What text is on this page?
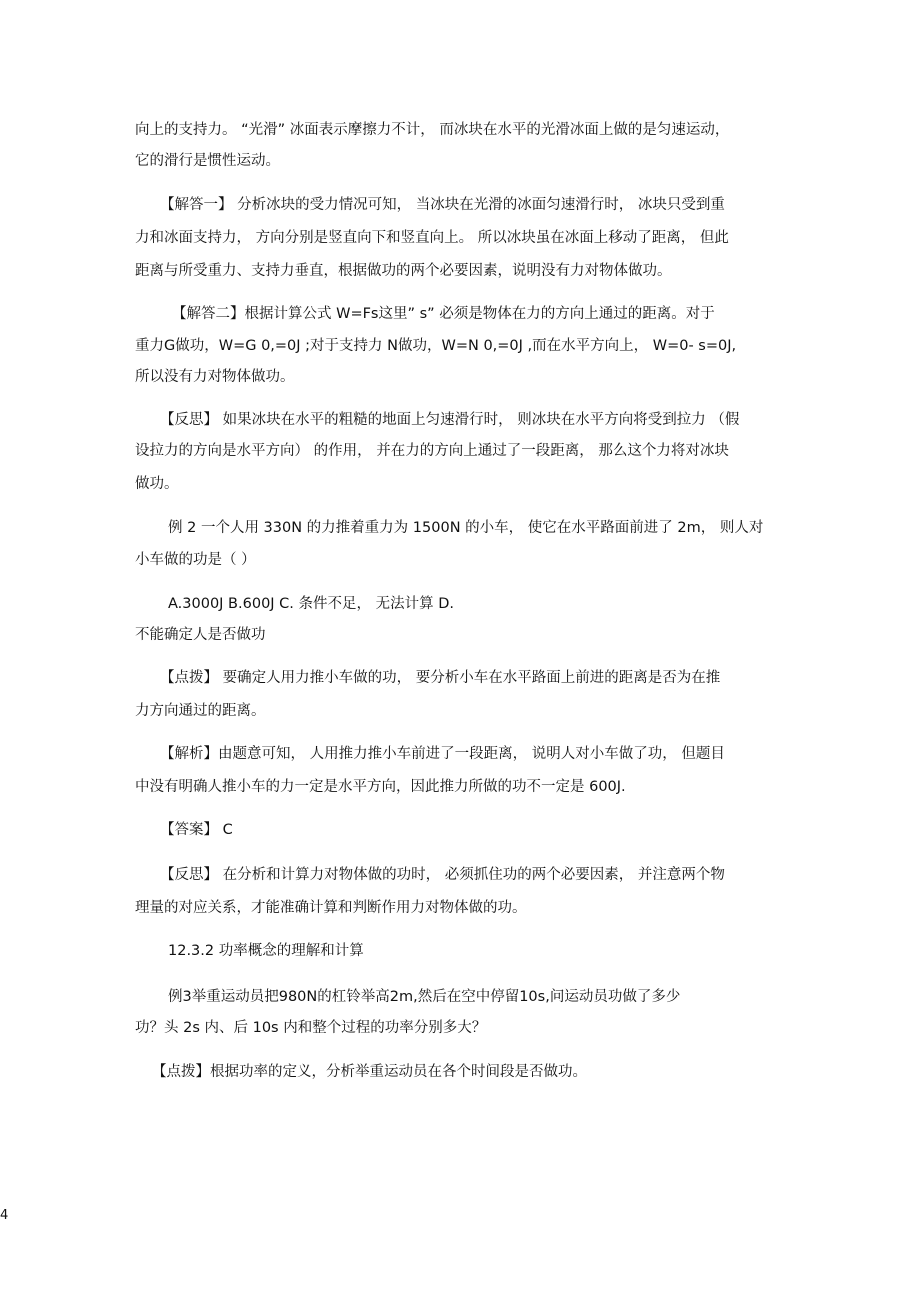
向上的支持力。 “光滑” 冰面表示摩擦力不计， 而冰块在水平的光滑冰面上做的是匀速运动，
它的滑行是惯性运动。
【解答一】 分析冰块的受力情况可知， 当冰块在光滑的冰面匀速滑行时， 冰块只受到重
力和冰面支持力， 方向分别是竖直向下和竖直向上。 所以冰块虽在冰面上移动了距离， 但此
距离与所受重力、支持力垂直，根据做功的两个必要因素，说明没有力对物体做功。
【解答二】根据计算公式 W=Fs这里” s” 必须是物体在力的方向上通过的距离。对于
重力G做功，W=G 0,=0J ;对于支持力 N做功，W=N 0,=0J ,而在水平方向上， W=0- s=0J,
所以没有力对物体做功。
【反思】 如果冰块在水平的粗糙的地面上匀速滑行时， 则冰块在水平方向将受到拉力 （假
设拉力的方向是水平方向） 的作用， 并在力的方向上通过了一段距离， 那么这个力将对冰块
做功。
例 2 一个人用 330N 的力推着重力为 1500N 的小车， 使它在水平路面前进了 2m， 则人对
小车做的功是（ ）
A.3000J B.600J C. 条件不足， 无法计算 D.
不能确定人是否做功
【点拨】 要确定人用力推小车做的功， 要分析小车在水平路面上前进的距离是否为在推
力方向通过的距离。
【解析】由题意可知， 人用推力推小车前进了一段距离， 说明人对小车做了功， 但题目
中没有明确人推小车的力一定是水平方向，因此推力所做的功不一定是 600J.
【答案】 C
【反思】 在分析和计算力对物体做的功时， 必须抓住功的两个必要因素， 并注意两个物
理量的对应关系，才能准确计算和判断作用力对物体做的功。
12.3.2 功率概念的理解和计算
例3举重运动员把980N的杠铃举高2m,然后在空中停留10s,问运动员功做了多少
功？头 2s 内、后 10s 内和整个过程的功率分别多大？
【点拨】根据功率的定义，分析举重运动员在各个时间段是否做功。
4
